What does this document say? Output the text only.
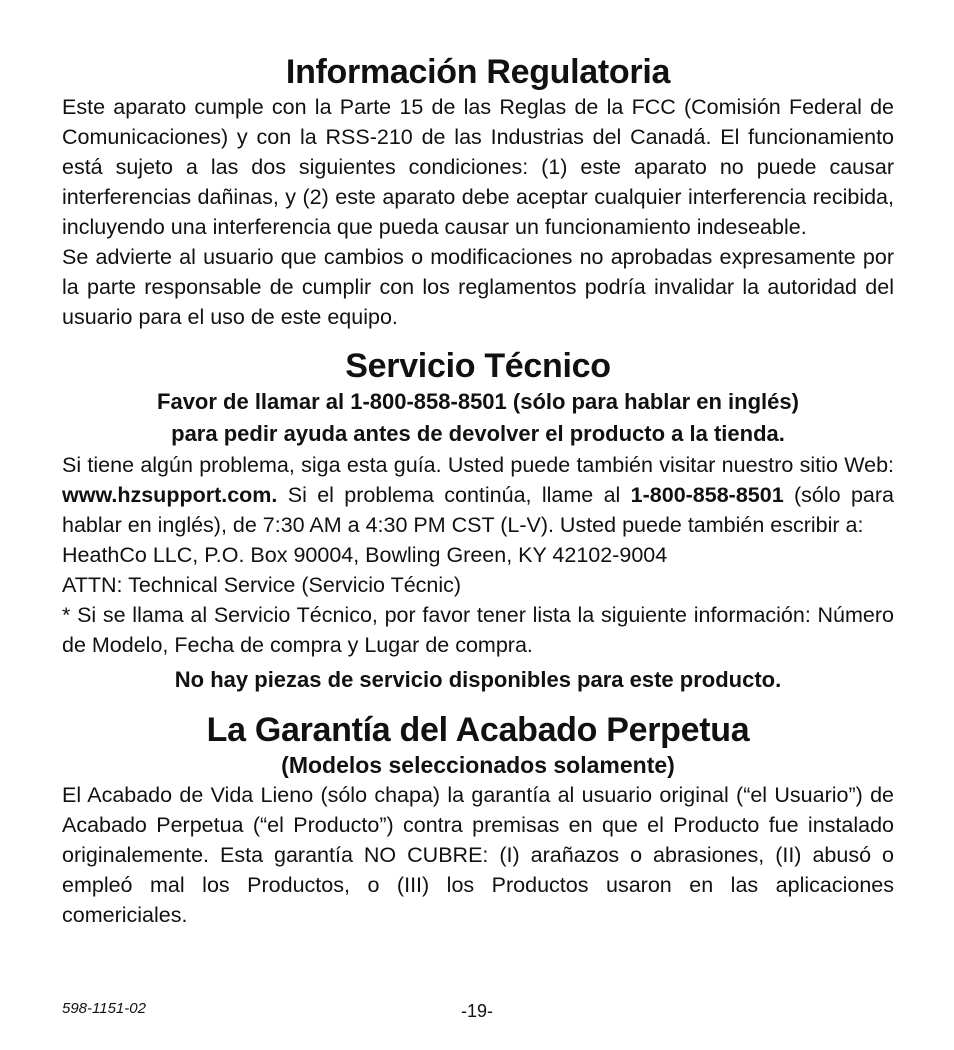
Información Regulatoria

Este aparato cumple con la Parte 15 de las Reglas de la FCC (Comisión Federal de Comunicaciones) y con la RSS-210 de las Industrias del Canadá. El funcionamiento está sujeto a las dos siguientes condiciones: (1) este aparato no puede causar interferencias dañinas, y (2) este aparato debe aceptar cualquier interferencia recibida, incluyendo una interferencia que pueda causar un funcionamiento indeseable.

Se advierte al usuario que cambios o modificaciones no aprobadas expresamente por la parte responsable de cumplir con los reglamentos podría invalidar la autoridad del usuario para el uso de este equipo.

Servicio Técnico
Favor de llamar al 1-800-858-8501 (sólo para hablar en inglés)
para pedir ayuda antes de devolver el producto a la tienda.

Si tiene algún problema, siga esta guía. Usted puede también visitar nuestro sitio Web: www.hzsupport.com. Si el problema continúa, llame al 1-800-858-8501 (sólo para hablar en inglés), de 7:30 AM a 4:30 PM CST (L-V). Usted puede también escribir a:

HeathCo LLC, P.O. Box 90004, Bowling Green, KY 42102-9004

ATTN: Technical Service (Servicio Técnic)

* Si se llama al Servicio Técnico, por favor tener lista la siguiente información: Número de Modelo, Fecha de compra y Lugar de compra.

No hay piezas de servicio disponibles para este producto.
La Garantía del Acabado Perpetua
(Modelos seleccionados solamente)

El Acabado de Vida Lieno (sólo chapa) la garantía al usuario original (“el Usuario”) de Acabado Perpetua (“el Producto”) contra premisas en que el Producto fue instalado originalemente. Esta garantía NO CUBRE: (I) arañazos o abrasiones, (II) abusó o empleó mal los Productos, o (III) los Productos usaron en las aplicaciones comericiales.

598-1151-02	-19-
